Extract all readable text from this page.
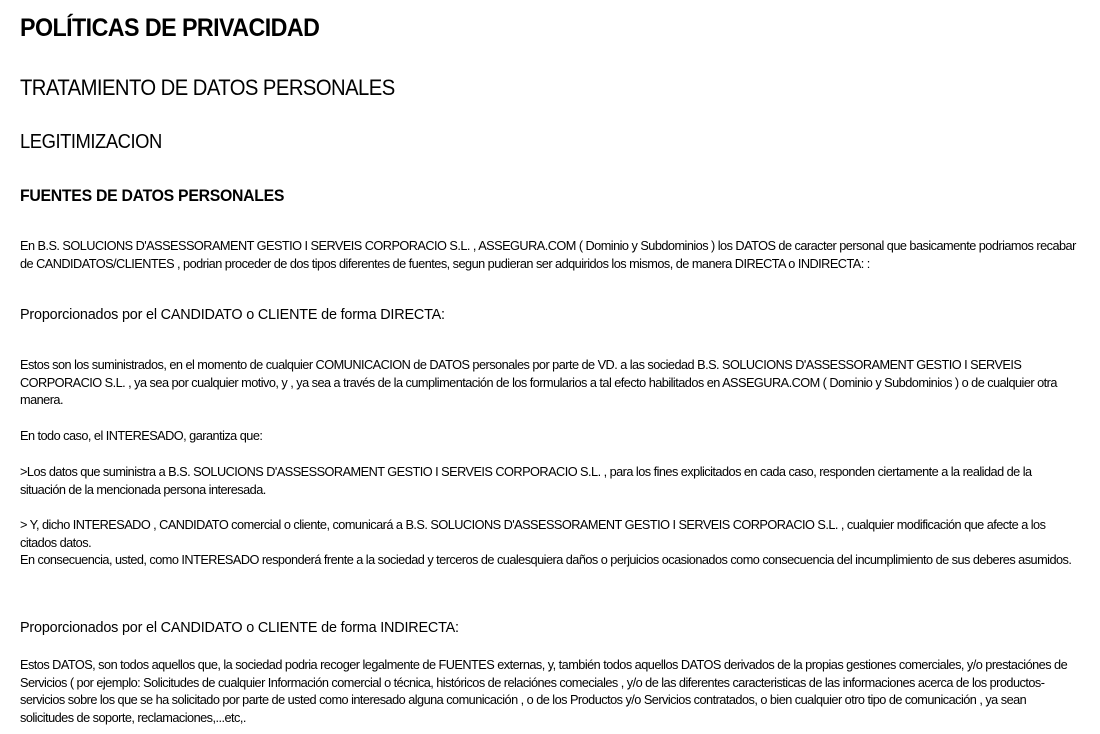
POLÍTICAS DE PRIVACIDAD
TRATAMIENTO DE DATOS PERSONALES
LEGITIMIZACION
FUENTES DE DATOS PERSONALES

En B.S. SOLUCIONS D'ASSESSORAMENT GESTIO I SERVEIS CORPORACIO S.L. , ASSEGURA.COM ( Dominio y Subdominios ) los DATOS de caracter personal que basicamente podriamos recabar de CANDIDATOS/CLIENTES , podrian proceder de dos tipos diferentes de fuentes, segun pudieran ser adquiridos los mismos, de manera DIRECTA o INDIRECTA: :

Proporcionados por el CANDIDATO o CLIENTE de forma DIRECTA:

Estos son los suministrados, en el momento de cualquier COMUNICACION de DATOS personales por parte de VD. a las sociedad B.S. SOLUCIONS D'ASSESSORAMENT GESTIO I SERVEIS CORPORACIO S.L. , ya sea por cualquier motivo, y , ya sea a través de la cumplimentación de los formularios a tal efecto habilitados en ASSEGURA.COM ( Dominio y Subdominios ) o de cualquier otra manera.

En todo caso, el INTERESADO, garantiza que:

>Los datos que suministra a B.S. SOLUCIONS D'ASSESSORAMENT GESTIO I SERVEIS CORPORACIO S.L. , para los fines explicitados en cada caso, responden ciertamente a la realidad de la situación de la mencionada persona interesada.

> Y, dicho INTERESADO , CANDIDATO comercial o cliente, comunicará a B.S. SOLUCIONS D'ASSESSORAMENT GESTIO I SERVEIS CORPORACIO S.L. , cualquier modificación que afecte a los citados datos.

En consecuencia, usted, como INTERESADO responderá frente a la sociedad y terceros de cualesquiera daños o perjuicios ocasionados como consecuencia del incumplimiento de sus deberes asumidos.

Proporcionados por el CANDIDATO o CLIENTE de forma INDIRECTA:

Estos DATOS, son todos aquellos que, la sociedad podria recoger legalmente de FUENTES externas, y, también todos aquellos DATOS derivados de la propias gestiones comerciales, y/o prestaciónes de Servicios ( por ejemplo: Solicitudes de cualquier Información comercial o técnica, históricos de relaciónes comeciales , y/o de las diferentes caracteristicas de las informaciones acerca de los productos-servicios sobre los que se ha solicitado por parte de usted como interesado alguna comunicación , o de los Productos y/o Servicios contratados, o bien cualquier otro tipo de comunicación , ya sean solicitudes de soporte, reclamaciones,...etc,.
